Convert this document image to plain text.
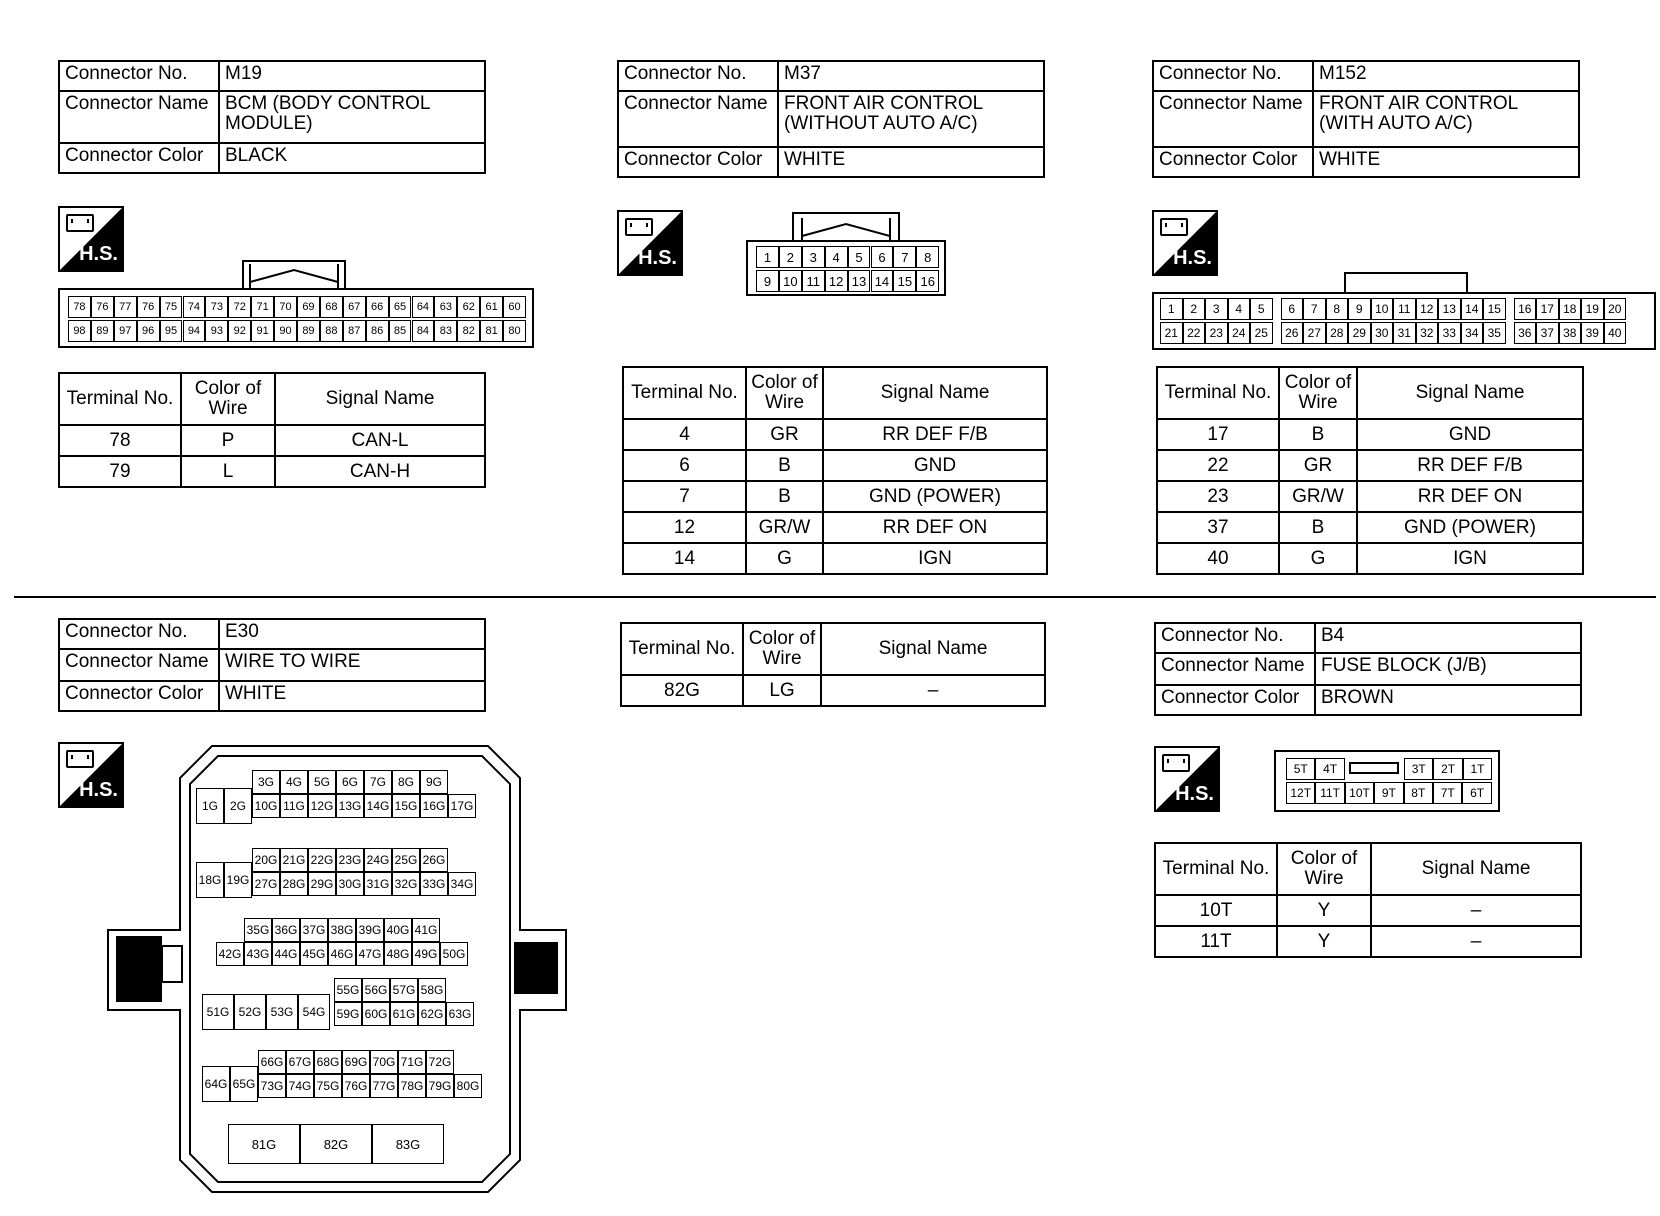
Connector No.	M19
Connector Name	BCM (BODY CONTROL MODULE)
Connector Color	BLACK
H.S.
78 76 77 76 75 74 73 72 71 70 69 68 67 66 65 64 63 62 61 60
98 89 97 96 95 94 93 92 91 90 89 88 87 86 85 84 83 82 81 80
Terminal No.	Color of Wire	Signal Name
78	P	CAN-L
79	L	CAN-H
Connector No.	M37
Connector Name	FRONT AIR CONTROL (WITHOUT AUTO A/C)
Connector Color	WHITE
H.S.	1	2	3	4	5	6	7	8
9 10 11 12 13 14 15 16
Terminal No.	Color of Wire	Signal Name
4	GR	RR DEF F/B
6	B	GND
7	B	GND (POWER)
12	GR/W	RR DEF ON
14	G	IGN
Connector No.	M152
Connector Name	FRONT AIR CONTROL (WITH AUTO A/C)
Connector Color	WHITE
H.S.
1	2	3	4	5	6	7	8	9	10 11 12 13 14 15	16 17 18 19 20
21 22 23 24 25	26 27 28 29 30 31 32 33 34 35	36 37 38 39 40
Terminal No.	Color of Wire	Signal Name
17	B	GND
22	GR	RR DEF F/B
23	GR/W	RR DEF ON
37	B	GND (POWER)
40	G	IGN
Connector No.	E30
Connector Name	WIRE TO WIRE
Connector Color	WHITE
H.S.
1G 2G
3G 4G 5G 6G 7G 8G 9G
10G 11G 12G 13G 14G 15G 16G 17G
18G 19G
20G 21G 22G 23G 24G 25G 26G
27G 28G 29G 30G 31G 32G 33G 34G
35G 36G 37G 38G 39G 40G 41G
42G 43G 44G 45G 46G 47G 48G 49G 50G
51G 52G 53G 54G
55G 56G 57G 58G
59G 60G 61G 62G 63G
64G 65G
66G 67G 68G 69G 70G 71G 72G
73G 74G 75G 76G 77G 78G 79G 80G
81G	82G	83G
Terminal No.	Color of Wire	Signal Name
82G	LG	–
Connector No.	B4
Connector Name	FUSE BLOCK (J/B)
Connector Color	BROWN
H.S.
5T	4T	3T	2T	1T
12T 11T 10T	9T	8T	7T	6T
Terminal No.	Color of Wire	Signal Name
10T	Y	–
11T	Y	–
